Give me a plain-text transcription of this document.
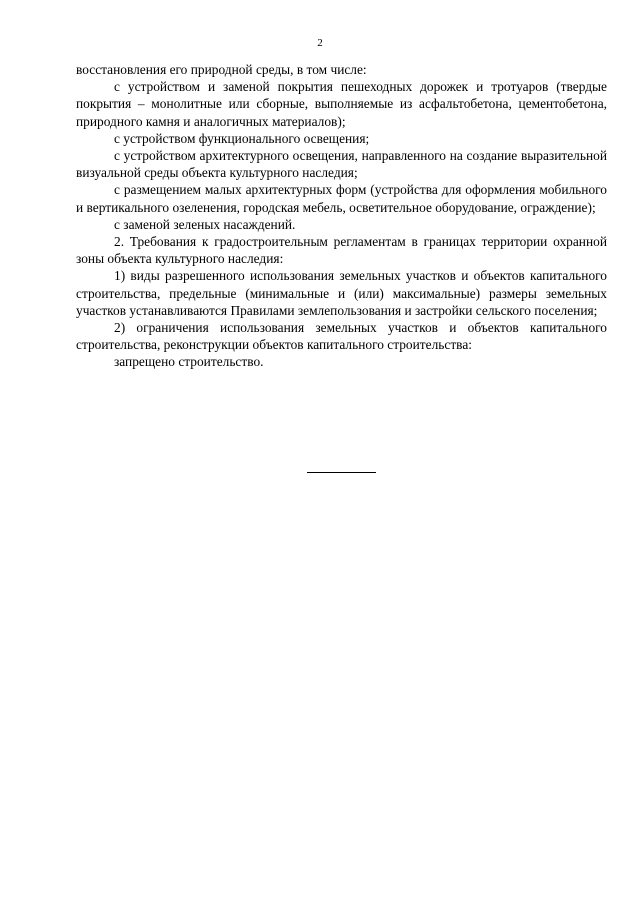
2

восстановления его природной среды, в том числе:

с устройством и заменой покрытия пешеходных дорожек и тротуаров (твердые покрытия – монолитные или сборные, выполняемые из асфальтобетона, цементобетона, природного камня и аналогичных материалов);

с устройством функционального освещения;

с устройством архитектурного освещения, направленного на создание выразительной визуальной среды объекта культурного наследия;

с размещением малых архитектурных форм (устройства для оформления мобильного и вертикального озеленения, городская мебель, осветительное оборудование, ограждение);

с заменой зеленых насаждений.

2. Требования к градостроительным регламентам в границах территории охранной зоны объекта культурного наследия:

1) виды разрешенного использования земельных участков и объектов капитального строительства, предельные (минимальные и (или) максимальные) размеры земельных участков устанавливаются Правилами землепользования и застройки сельского поселения;

2) ограничения использования земельных участков и объектов капитального строительства, реконструкции объектов капитального строительства:

запрещено строительство.
